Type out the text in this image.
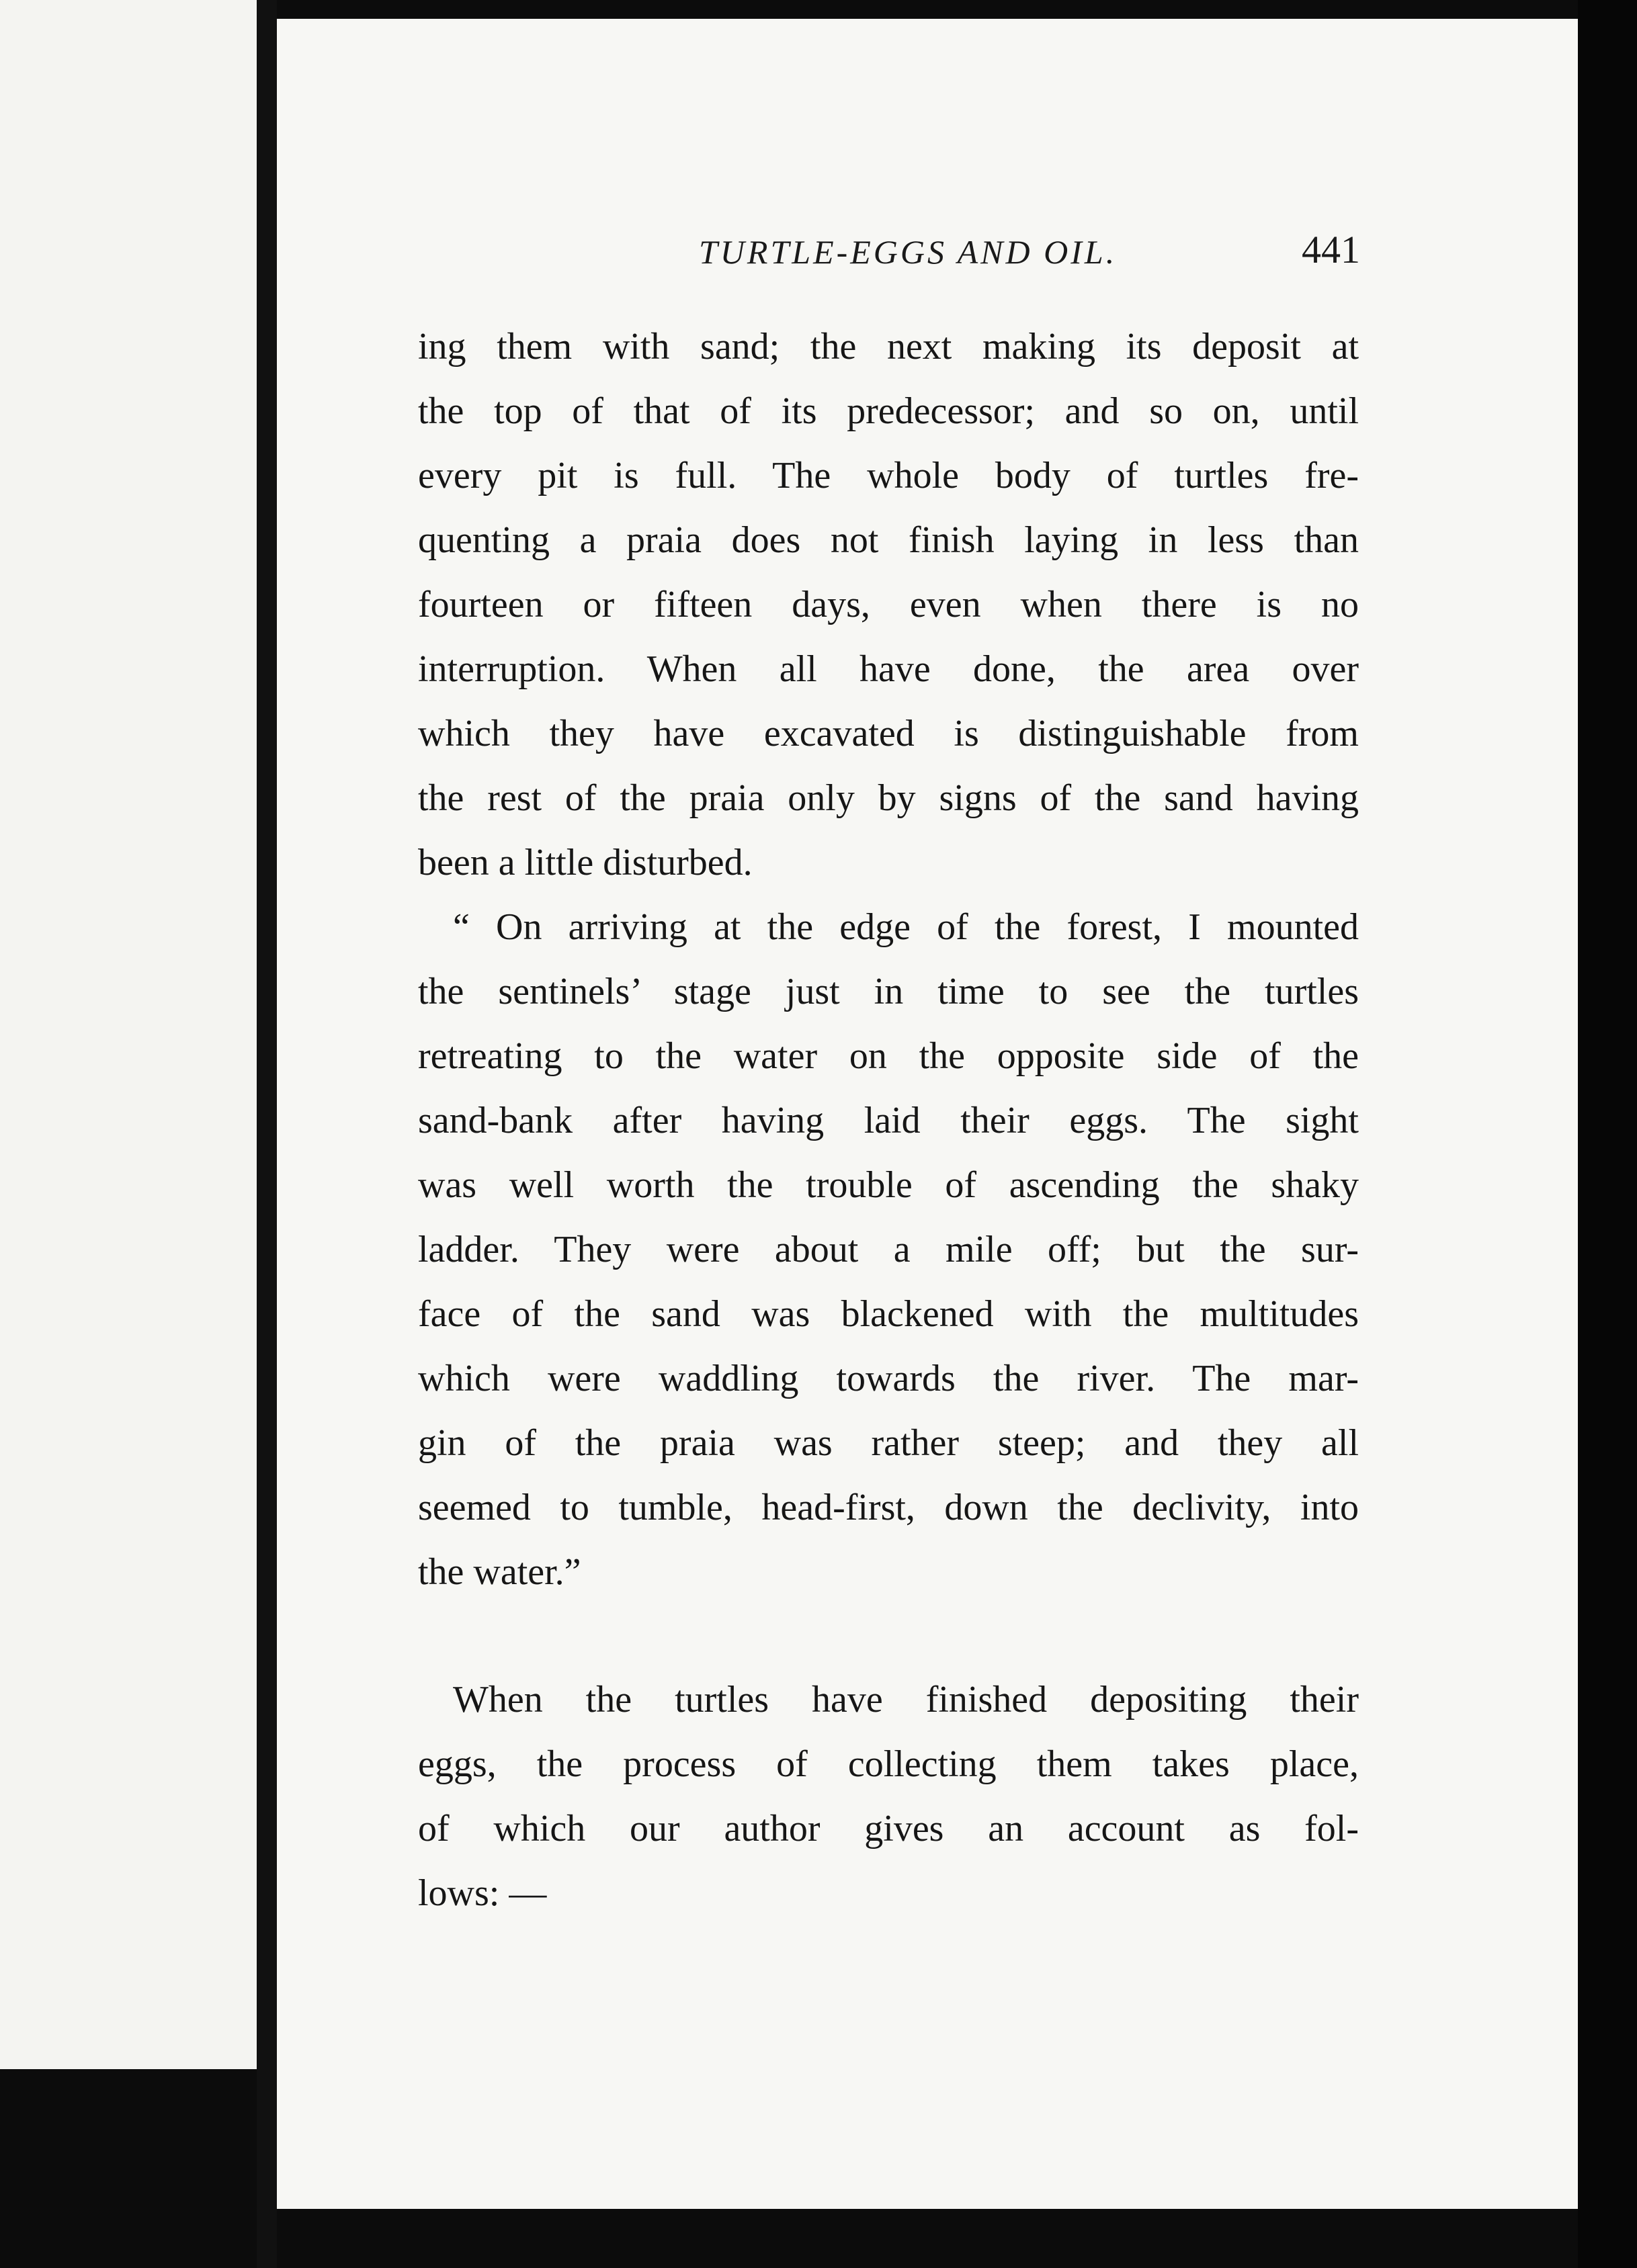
TURTLE-EGGS AND OIL.	441
ing them with sand; the next making its deposit at
the top of that of its predecessor; and so on, until
every pit is full. The whole body of turtles fre-
quenting a praia does not finish laying in less than
fourteen or fifteen days, even when there is no
interruption. When all have done, the area over
which they have excavated is distinguishable from
the rest of the praia only by signs of the sand having
been a little disturbed.
“ On arriving at the edge of the forest, I mounted
the sentinels’ stage just in time to see the turtles
retreating to the water on the opposite side of the
sand-bank after having laid their eggs. The sight
was well worth the trouble of ascending the shaky
ladder. They were about a mile off; but the sur-
face of the sand was blackened with the multitudes
which were waddling towards the river. The mar-
gin of the praia was rather steep; and they all
seemed to tumble, head-first, down the declivity, into
the water.”
When the turtles have finished depositing their
eggs, the process of collecting them takes place,
of which our author gives an account as fol-
lows: —
